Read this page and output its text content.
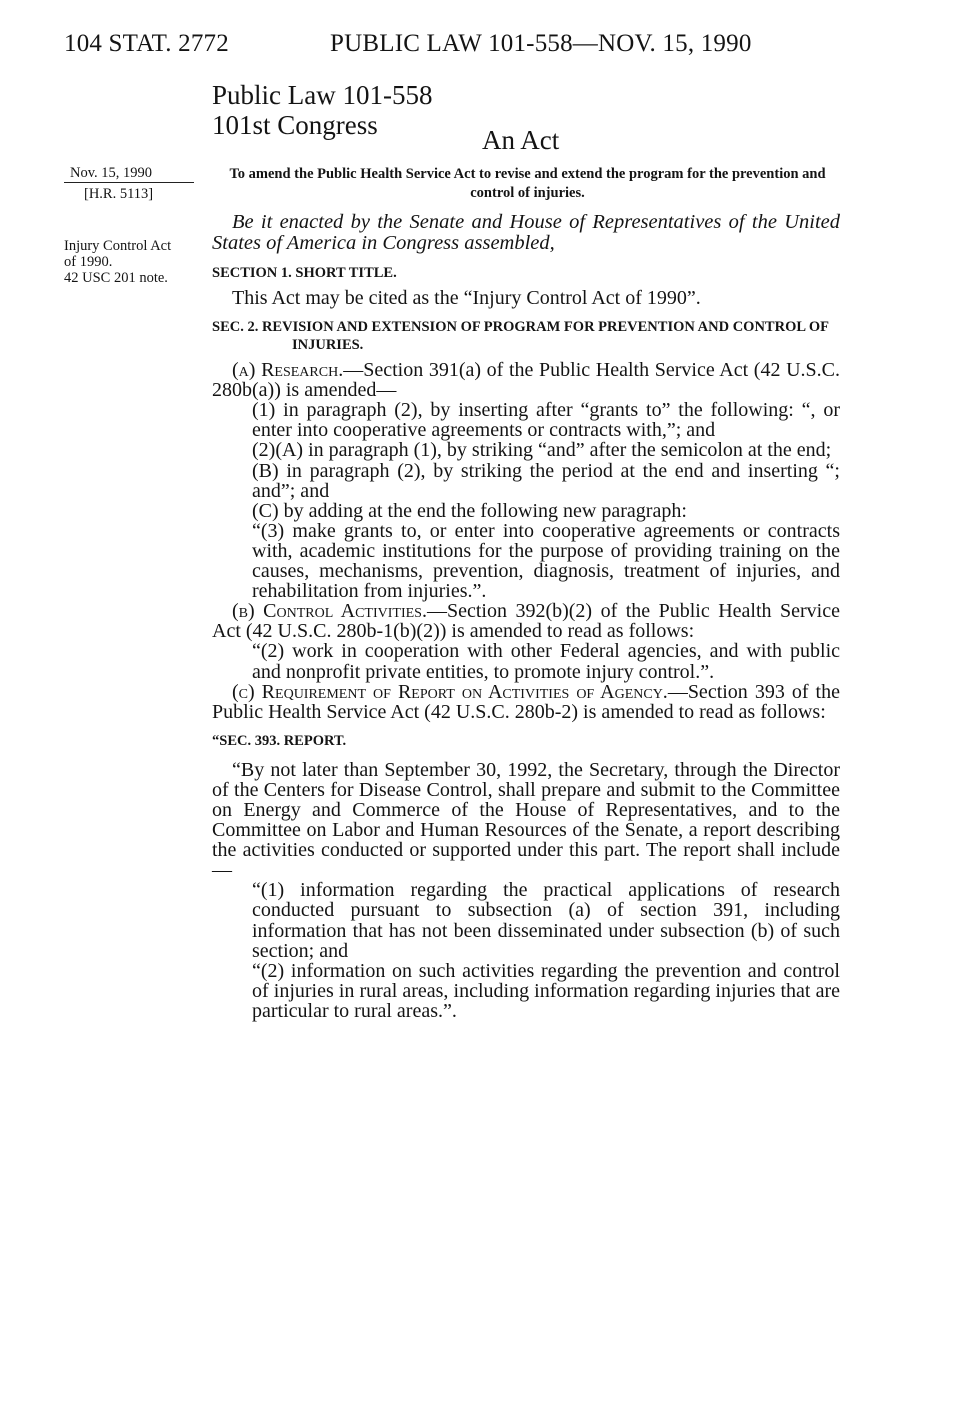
104 STAT. 2772	PUBLIC LAW 101-558—NOV. 15, 1990
Public Law 101-558
101st Congress	An Act
Nov. 15, 1990
[H.R. 5113]
Injury Control Act of 1990.
42 USC 201 note.
To amend the Public Health Service Act to revise and extend the program for the prevention and control of injuries.

Be it enacted by the Senate and House of Representatives of the United States of America in Congress assembled,

SECTION 1. SHORT TITLE.

This Act may be cited as the “Injury Control Act of 1990”.

SEC. 2. REVISION AND EXTENSION OF PROGRAM FOR PREVENTION AND CONTROL OF INJURIES.

(a) Research.—Section 391(a) of the Public Health Service Act (42 U.S.C. 280b(a)) is amended—

(1) in paragraph (2), by inserting after “grants to” the following: “, or enter into cooperative agreements or contracts with,”; and

(2)(A) in paragraph (1), by striking “and” after the semicolon at the end;

(B) in paragraph (2), by striking the period at the end and inserting “; and”; and

(C) by adding at the end the following new paragraph:

“(3) make grants to, or enter into cooperative agreements or contracts with, academic institutions for the purpose of providing training on the causes, mechanisms, prevention, diagnosis, treatment of injuries, and rehabilitation from injuries.”.

(b) Control Activities.—Section 392(b)(2) of the Public Health Service Act (42 U.S.C. 280b-1(b)(2)) is amended to read as follows:

“(2) work in cooperation with other Federal agencies, and with public and nonprofit private entities, to promote injury control.”.

(c) Requirement of Report on Activities of Agency.—Section 393 of the Public Health Service Act (42 U.S.C. 280b-2) is amended to read as follows:

“SEC. 393. REPORT.

“By not later than September 30, 1992, the Secretary, through the Director of the Centers for Disease Control, shall prepare and submit to the Committee on Energy and Commerce of the House of Representatives, and to the Committee on Labor and Human Resources of the Senate, a report describing the activities conducted or supported under this part. The report shall include—

“(1) information regarding the practical applications of research conducted pursuant to subsection (a) of section 391, including information that has not been disseminated under subsection (b) of such section; and

“(2) information on such activities regarding the prevention and control of injuries in rural areas, including information regarding injuries that are particular to rural areas.”.
